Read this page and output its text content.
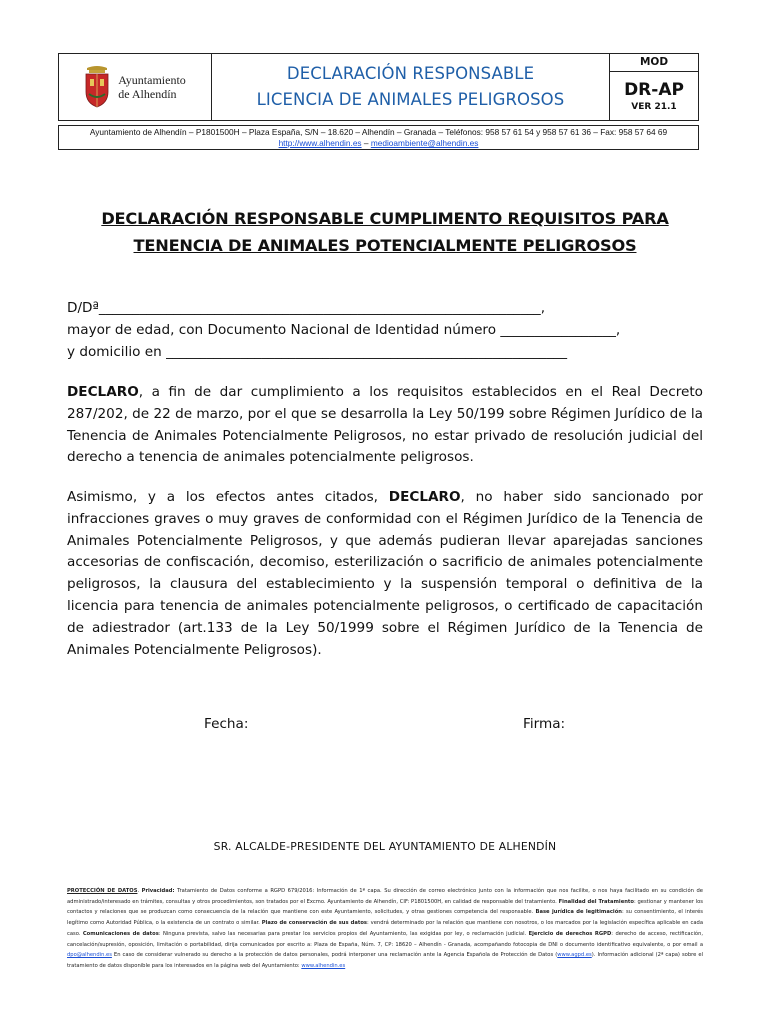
Ayuntamiento
de Alhendín
DECLARACIÓN RESPONSABLE
LICENCIA DE ANIMALES PELIGROSOS
MOD
DR-AP
VER 21.1
Ayuntamiento de Alhendín – P1801500H – Plaza España, S/N – 18.620 – Alhendín – Granada – Teléfonos: 958 57 61 54 y 958 57 61 36 – Fax: 958 57 64 69
http://www.alhendin.es – medioambiente@alhendin.es
DECLARACIÓN RESPONSABLE CUMPLIMENTO REQUISITOS PARA
TENENCIA DE ANIMALES POTENCIALMENTE PELIGROSOS
D/Dª_________________________________________________________________,
mayor de edad, con Documento Nacional de Identidad número _________________,
y domicilio en ___________________________________________________________
DECLARO, a fin de dar cumplimiento a los requisitos establecidos en el Real Decreto 287/202, de 22 de marzo, por el que se desarrolla la Ley 50/199 sobre Régimen Jurídico de la Tenencia de Animales Potencialmente Peligrosos, no estar privado de resolución judicial del derecho a tenencia de animales potencialmente peligrosos.
Asimismo, y a los efectos antes citados, DECLARO, no haber sido sancionado por infracciones graves o muy graves de conformidad con el Régimen Jurídico de la Tenencia de Animales Potencialmente Peligrosos, y que además pudieran llevar aparejadas sanciones accesorias de confiscación, decomiso, esterilización o sacrificio de animales potencialmente peligrosos, la clausura del establecimiento y la suspensión temporal o definitiva de la licencia para tenencia de animales potencialmente peligrosos, o certificado de capacitación de adiestrador (art.133 de la Ley 50/1999 sobre el Régimen Jurídico de la Tenencia de Animales Potencialmente Peligrosos).
Fecha:	Firma:
SR. ALCALDE-PRESIDENTE DEL AYUNTAMIENTO DE ALHENDÍN
PROTECCIÓN DE DATOS. Privacidad: Tratamiento de Datos conforme a RGPD 679/2016: Información de 1ª capa. Su dirección de correo electrónico junto con la información que nos facilite, o nos haya facilitado en su condición de administrado/interesado en trámites, consultas y otros procedimientos, son tratados por el Excmo. Ayuntamiento de Alhendín, CIF: P1801500H, en calidad de responsable del tratamiento. Finalidad del Tratamiento: gestionar y mantener los contactos y relaciones que se produzcan como consecuencia de la relación que mantiene con este Ayuntamiento, solicitudes, y otras gestiones competencia del responsable. Base jurídica de legitimación: su consentimiento, el interés legítimo como Autoridad Pública, o la existencia de un contrato o similar. Plazo de conservación de sus datos: vendrá determinado por la relación que mantiene con nosotros, o los marcados por la legislación específica aplicable en cada caso. Comunicaciones de datos: Ninguna prevista, salvo las necesarias para prestar los servicios propios del Ayuntamiento, las exigidas por ley, o reclamación judicial. Ejercicio de derechos RGPD: derecho de acceso, rectificación, cancelación/supresión, oposición, limitación o portabilidad, dirija comunicados por escrito a: Plaza de España, Núm. 7, CP: 18620 – Alhendín - Granada, acompañando fotocopia de DNI o documento identificativo equivalente, o por email a dpo@alhendin.es En caso de considerar vulnerado su derecho a la protección de datos personales, podrá interponer una reclamación ante la Agencia Española de Protección de Datos (www.agpd.es). Información adicional (2ª capa) sobre el tratamiento de datos disponible para los interesados en la página web del Ayuntamiento: www.alhendin.es
